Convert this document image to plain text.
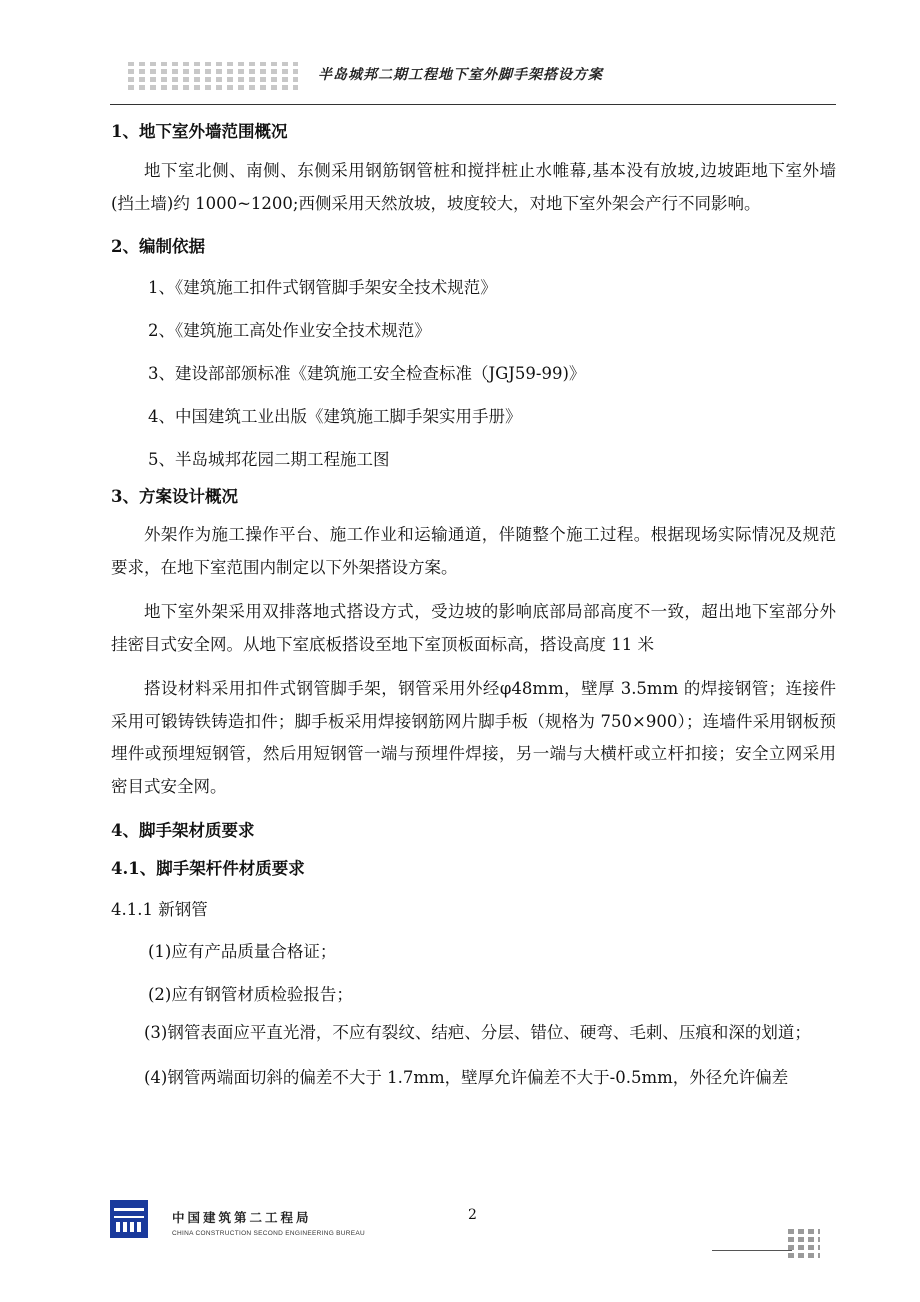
半岛城邦二期工程地下室外脚手架搭设方案

1、地下室外墙范围概况

地下室北侧、南侧、东侧采用钢筋钢管桩和搅拌桩止水帷幕,基本没有放坡,边坡距地下室外墙(挡土墙)约 1000~1200;西侧采用天然放坡，坡度较大，对地下室外架会产行不同影响。

2、编制依据

1、《建筑施工扣件式钢管脚手架安全技术规范》

2、《建筑施工高处作业安全技术规范》

3、建设部部颁标准《建筑施工安全检查标准（JGJ59-99)》

4、中国建筑工业出版《建筑施工脚手架实用手册》

5、半岛城邦花园二期工程施工图

3、方案设计概况

外架作为施工操作平台、施工作业和运输通道，伴随整个施工过程。根据现场实际情况及规范要求，在地下室范围内制定以下外架搭设方案。

地下室外架采用双排落地式搭设方式，受边坡的影响底部局部高度不一致，超出地下室部分外挂密目式安全网。从地下室底板搭设至地下室顶板面标高，搭设高度 11 米

搭设材料采用扣件式钢管脚手架，钢管采用外经φ48mm，壁厚 3.5mm 的焊接钢管；连接件采用可锻铸铁铸造扣件；脚手板采用焊接钢筋网片脚手板（规格为 750×900）；连墙件采用钢板预埋件或预埋短钢管，然后用短钢管一端与预埋件焊接，另一端与大横杆或立杆扣接；安全立网采用密目式安全网。

4、脚手架材质要求

4.1、脚手架杆件材质要求

4.1.1 新钢管

(1)应有产品质量合格证；

(2)应有钢管材质检验报告；

(3)钢管表面应平直光滑，不应有裂纹、结疤、分层、错位、硬弯、毛刺、压痕和深的划道；

(4)钢管两端面切斜的偏差不大于 1.7mm，壁厚允许偏差不大于-0.5mm，外径允许偏差

中国建筑第二工程局
CHINA CONSTRUCTION SECOND ENGINEERING BUREAU
2
